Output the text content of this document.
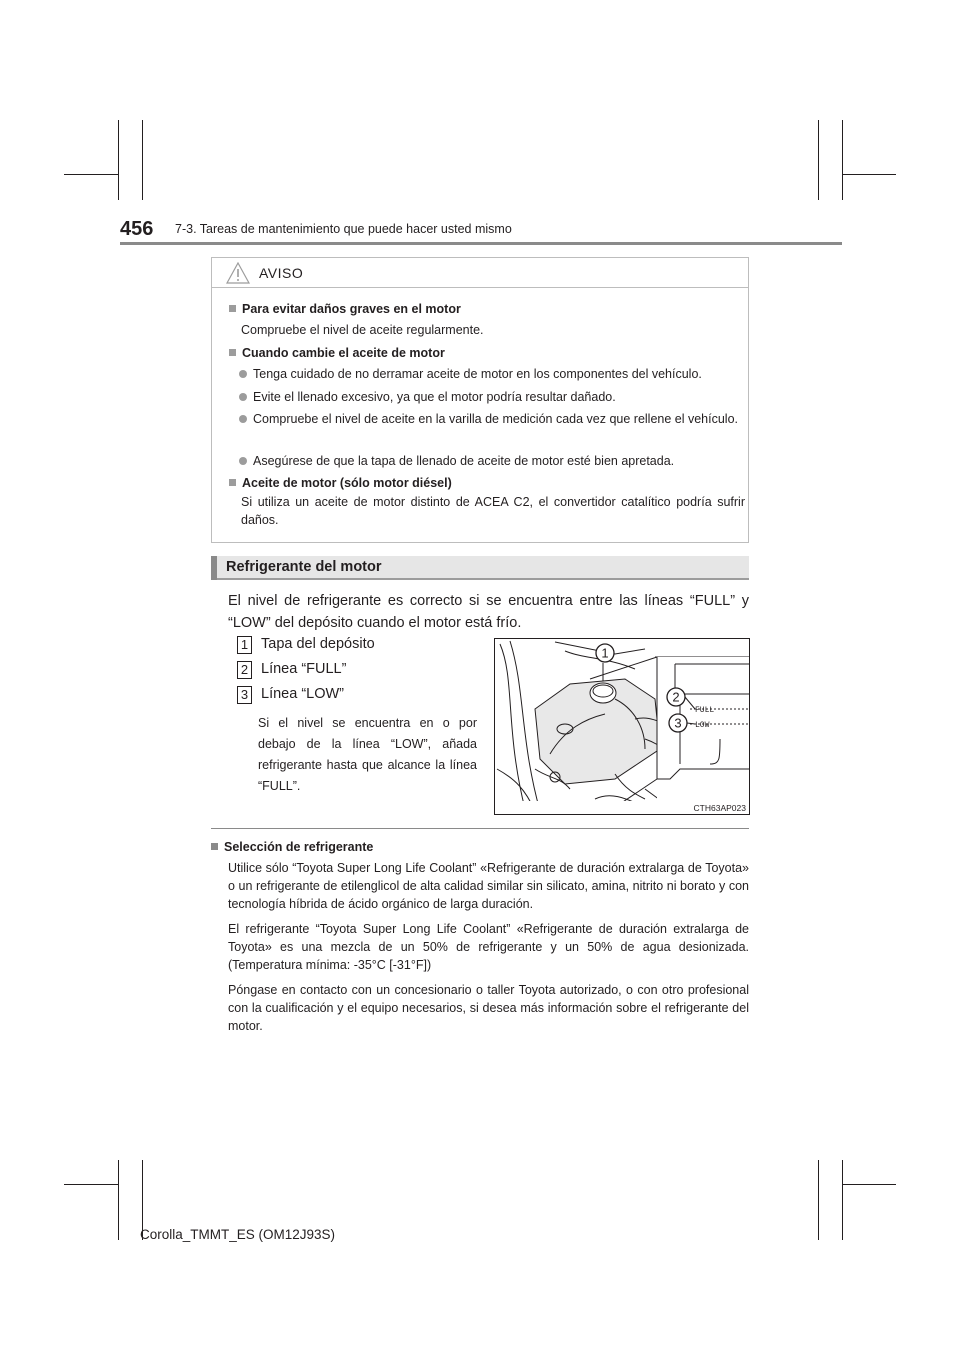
456 7-3. Tareas de mantenimiento que puede hacer usted mismo
AVISO
Para evitar daños graves en el motor
Compruebe el nivel de aceite regularmente.
Cuando cambie el aceite de motor
Tenga cuidado de no derramar aceite de motor en los componentes del vehículo.
Evite el llenado excesivo, ya que el motor podría resultar dañado.
Compruebe el nivel de aceite en la varilla de medición cada vez que rellene el vehículo.
Asegúrese de que la tapa de llenado de aceite de motor esté bien apretada.
Aceite de motor (sólo motor diésel)
Si utiliza un aceite de motor distinto de ACEA C2, el convertidor catalítico podría sufrir daños.
Refrigerante del motor
El nivel de refrigerante es correcto si se encuentra entre las líneas “FULL” y “LOW” del depósito cuando el motor está frío.
1 Tapa del depósito
2 Línea “FULL”
3 Línea “LOW”
Si el nivel se encuentra en o por debajo de la línea “LOW”, añada refrigerante hasta que alcance la línea “FULL”.
1
2
3
FULL
LOW
CTH63AP023
Selección de refrigerante

Utilice sólo “Toyota Super Long Life Coolant” «Refrigerante de duración extralarga de Toyota» o un refrigerante de etilenglicol de alta calidad similar sin silicato, amina, nitrito ni borato y con tecnología híbrida de ácido orgánico de larga duración.

El refrigerante “Toyota Super Long Life Coolant” «Refrigerante de duración extralarga de Toyota» es una mezcla de un 50% de refrigerante y un 50% de agua desionizada. (Temperatura mínima: -35°C [-31°F])

Póngase en contacto con un concesionario o taller Toyota autorizado, o con otro profesional con la cualificación y el equipo necesarios, si desea más información sobre el refrigerante del motor.

Corolla_TMMT_ES (OM12J93S)
